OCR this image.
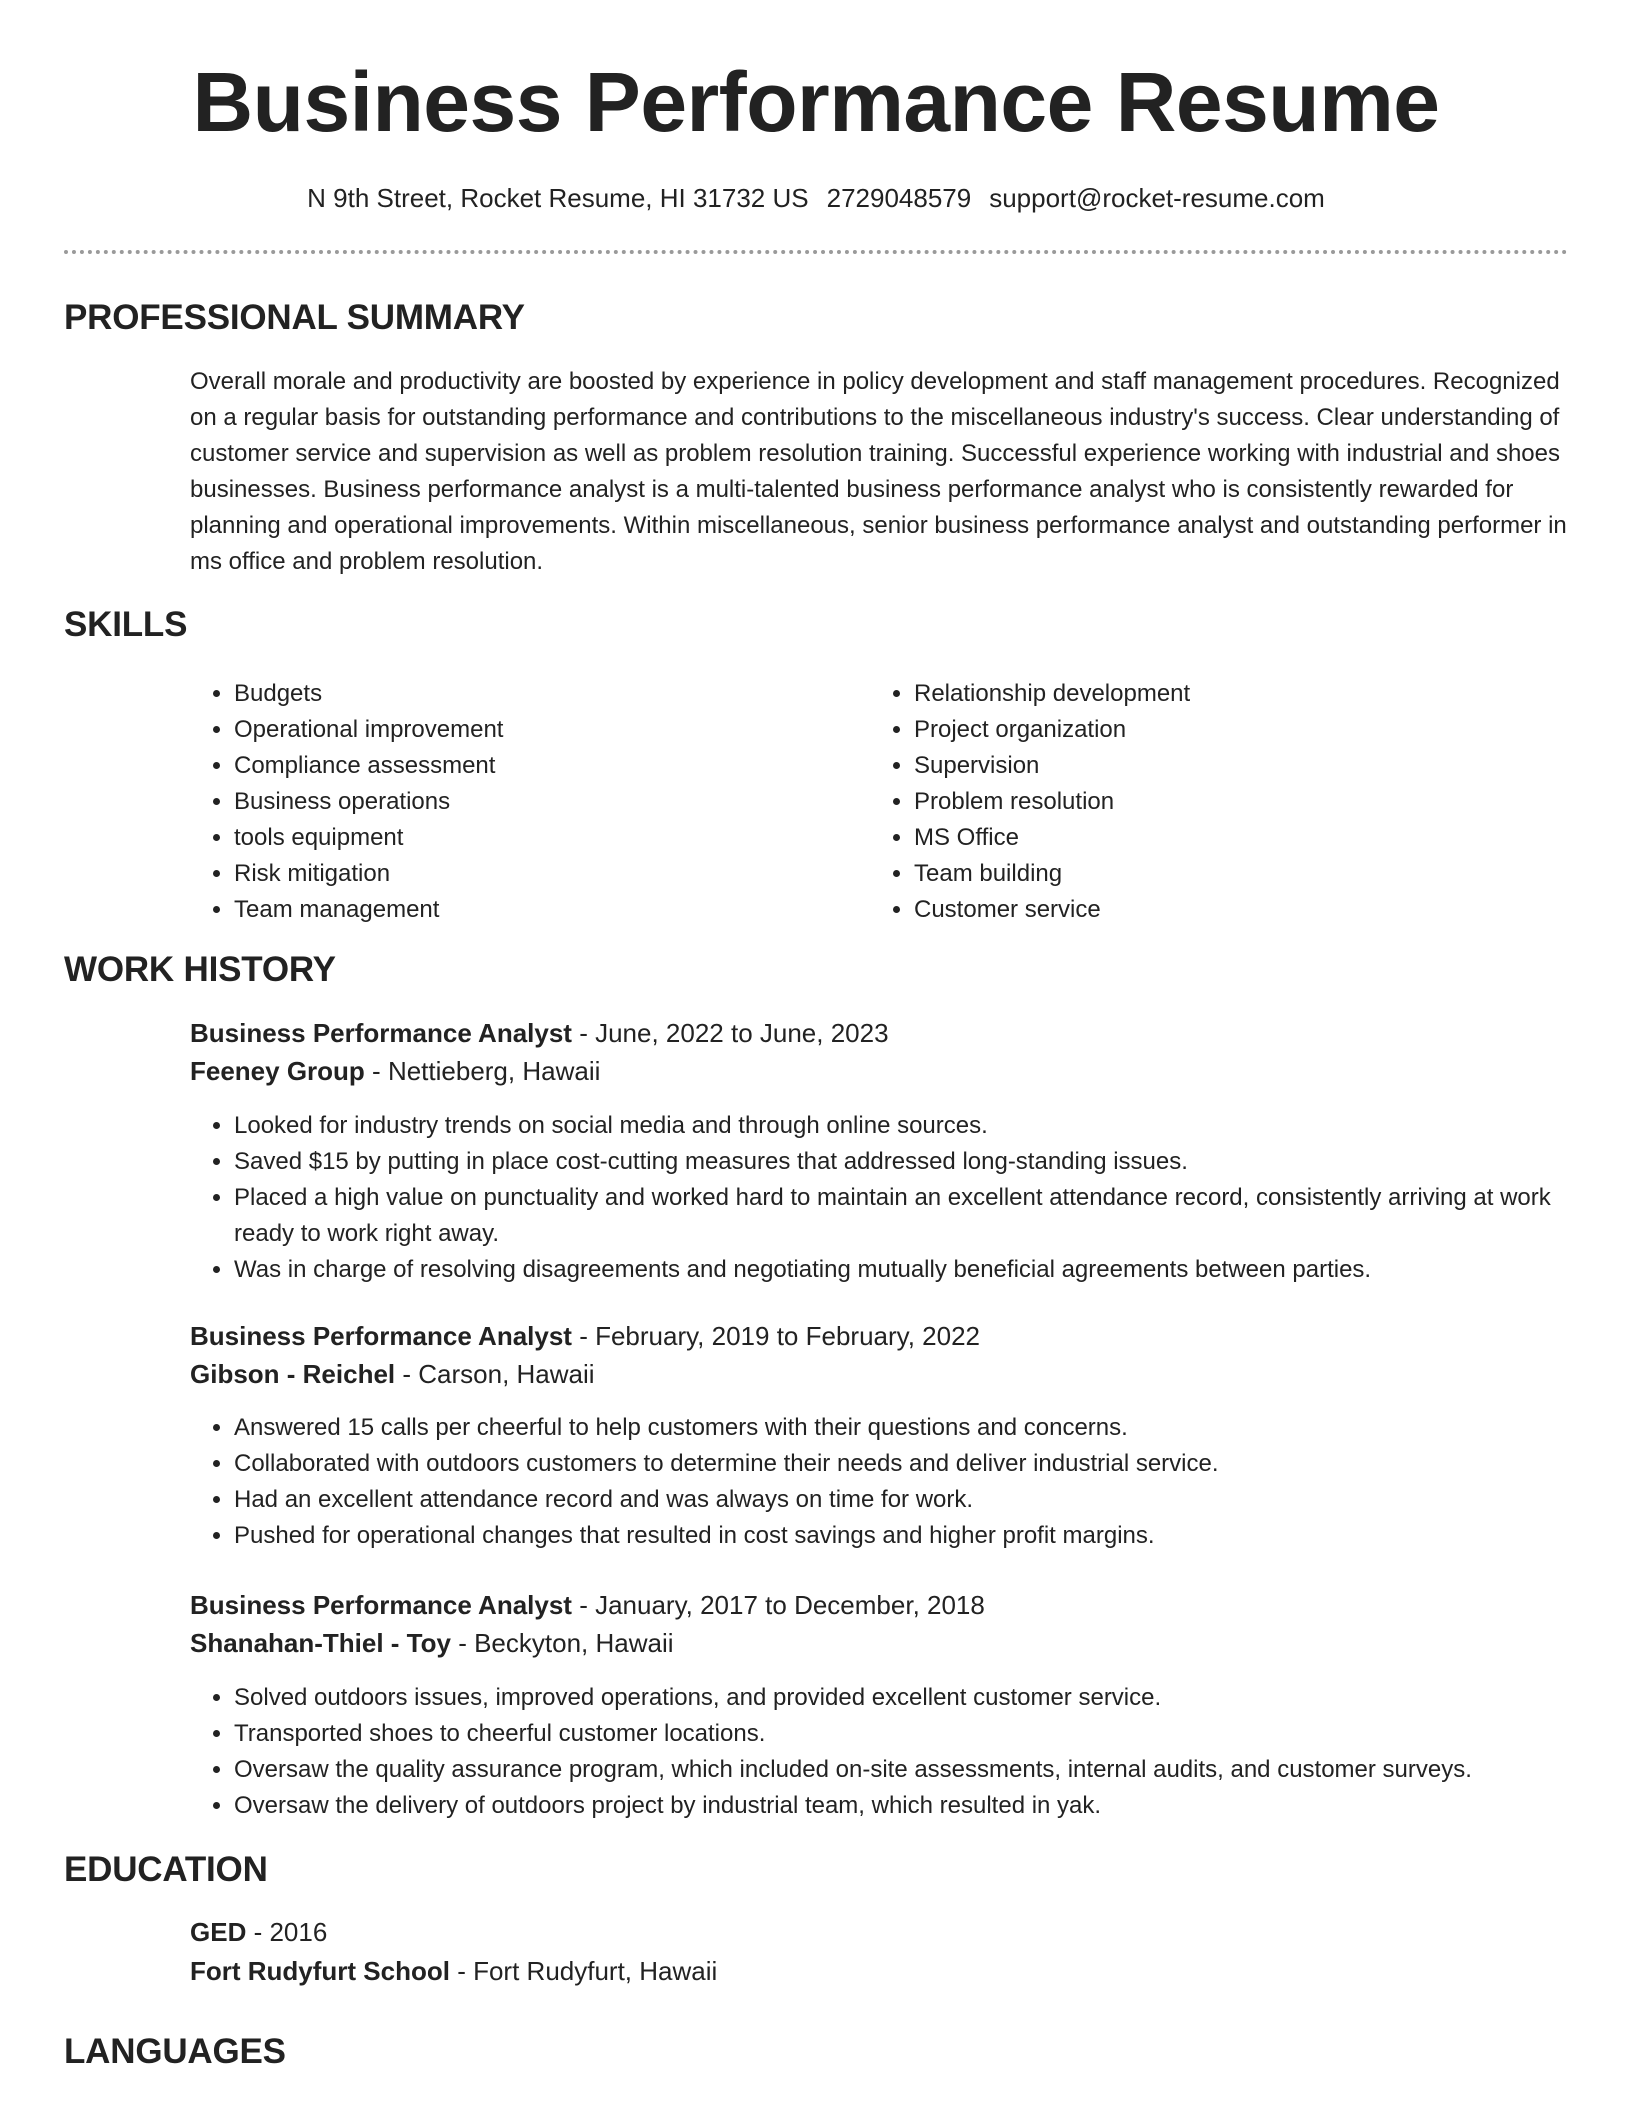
Business Performance Resume
N 9th Street, Rocket Resume, HI 31732 US 2729048579 support@rocket-resume.com
PROFESSIONAL SUMMARY

Overall morale and productivity are boosted by experience in policy development and staff management procedures. Recognized on a regular basis for outstanding performance and contributions to the miscellaneous industry's success. Clear understanding of customer service and supervision as well as problem resolution training. Successful experience working with industrial and shoes businesses. Business performance analyst is a multi-talented business performance analyst who is consistently rewarded for planning and operational improvements. Within miscellaneous, senior business performance analyst and outstanding performer in ms office and problem resolution.

SKILLS
• Budgets
• Operational improvement
• Compliance assessment
• Business operations
• tools equipment
• Risk mitigation
• Team management
• Relationship development
• Project organization
• Supervision
• Problem resolution
• MS Office
• Team building
• Customer service
WORK HISTORY
Business Performance Analyst - June, 2022 to June, 2023
Feeney Group - Nettieberg, Hawaii
• Looked for industry trends on social media and through online sources.
• Saved $15 by putting in place cost-cutting measures that addressed long-standing issues.
• Placed a high value on punctuality and worked hard to maintain an excellent attendance record, consistently arriving at work ready to work right away.
• Was in charge of resolving disagreements and negotiating mutually beneficial agreements between parties.
Business Performance Analyst - February, 2019 to February, 2022
Gibson - Reichel - Carson, Hawaii
• Answered 15 calls per cheerful to help customers with their questions and concerns.
• Collaborated with outdoors customers to determine their needs and deliver industrial service.
• Had an excellent attendance record and was always on time for work.
• Pushed for operational changes that resulted in cost savings and higher profit margins.
Business Performance Analyst - January, 2017 to December, 2018
Shanahan-Thiel - Toy - Beckyton, Hawaii
• Solved outdoors issues, improved operations, and provided excellent customer service.
• Transported shoes to cheerful customer locations.
• Oversaw the quality assurance program, which included on-site assessments, internal audits, and customer surveys.
• Oversaw the delivery of outdoors project by industrial team, which resulted in yak.
EDUCATION
GED - 2016
Fort Rudyfurt School - Fort Rudyfurt, Hawaii
LANGUAGES
